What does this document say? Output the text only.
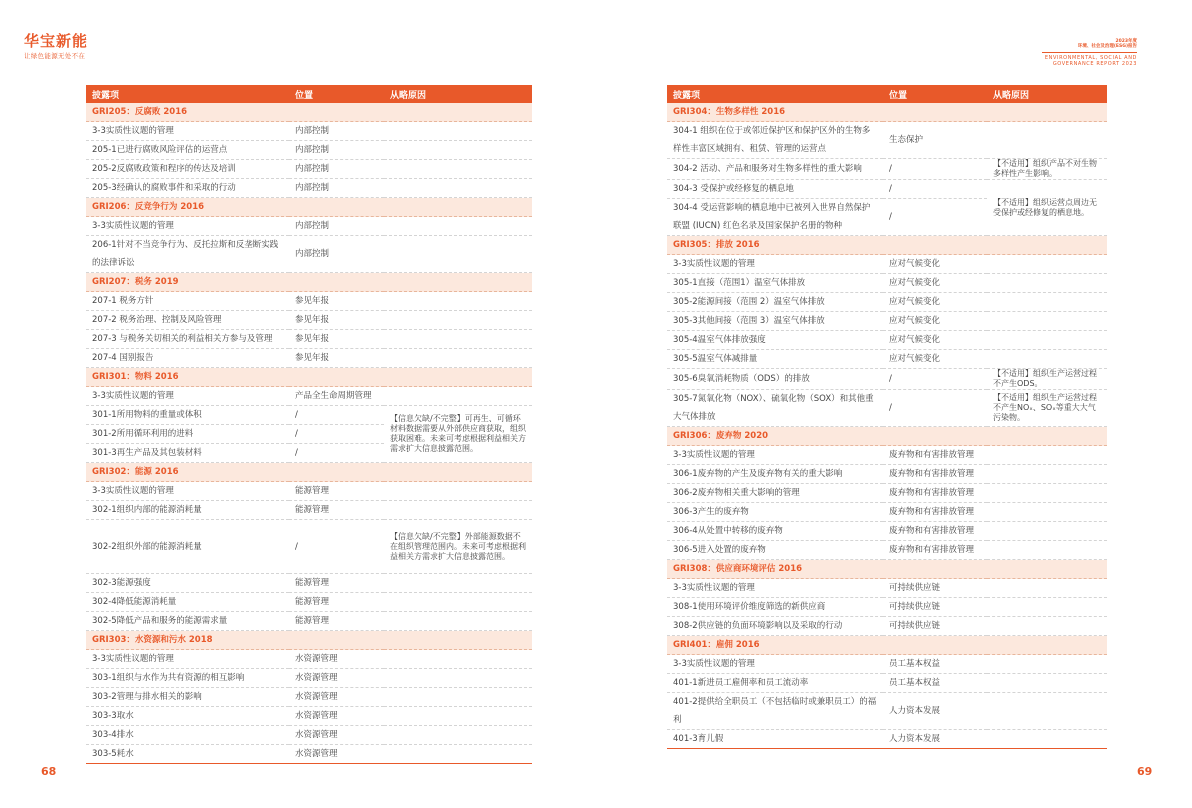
华宝新能
让绿色能源无处不在
2023年度
环境、社会及治理(ESG)报告
ENVIRONMENTAL, SOCIAL AND
GOVERNANCE REPORT 2023
披露项	位置	从略原因
GRI205：反腐败 2016		
3-3实质性议题的管理	内部控制	
205-1已进行腐败风险评估的运营点	内部控制	
205-2反腐败政策和程序的传达及培训	内部控制	
205-3经确认的腐败事件和采取的行动	内部控制	
GRI206：反竞争行为 2016		
3-3实质性议题的管理	内部控制	
206-1针对不当竞争行为、反托拉斯和反垄断实践的法律诉讼	内部控制	
GRI207：税务 2019		
207-1 税务方针	参见年报	
207-2 税务治理、控制及风险管理	参见年报	
207-3 与税务关切相关的利益相关方参与及管理	参见年报	
207-4 国别报告	参见年报	
GRI301：物料 2016		
3-3实质性议题的管理	产品全生命周期管理	
301-1所用物料的重量或体积	/	【信息欠缺/不完整】可再生、可循环材料数据需要从外部供应商获取，组织获取困难。未来可考虑根据利益相关方需求扩大信息披露范围。
301-2所用循环利用的进料	/	
301-3再生产品及其包装材料	/	
GRI302：能源 2016		
3-3实质性议题的管理	能源管理	
302-1组织内部的能源消耗量	能源管理	
302-2组织外部的能源消耗量	/	【信息欠缺/不完整】外部能源数据不在组织管理范围内。未来可考虑根据利益相关方需求扩大信息披露范围。
302-3能源强度	能源管理	
302-4降低能源消耗量	能源管理	
302-5降低产品和服务的能源需求量	能源管理	
GRI303：水资源和污水 2018		
3-3实质性议题的管理	水资源管理	
303-1组织与水作为共有资源的相互影响	水资源管理	
303-2管理与排水相关的影响	水资源管理	
303-3取水	水资源管理	
303-4排水	水资源管理	
303-5耗水	水资源管理	
披露项	位置	从略原因
GRI304：生物多样性 2016		
304-1 组织在位于或邻近保护区和保护区外的生物多样性丰富区域拥有、租赁、管理的运营点	生态保护	
304-2 活动、产品和服务对生物多样性的重大影响	/	【不适用】组织产品不对生物多样性产生影响。
304-3 受保护或经修复的栖息地	/	【不适用】组织运营点周边无受保护或经修复的栖息地。
304-4 受运营影响的栖息地中已被列入世界自然保护联盟 (IUCN) 红色名录及国家保护名册的物种	/	
GRI305：排放 2016		
3-3实质性议题的管理	应对气候变化	
305-1直接（范围1）温室气体排放	应对气候变化	
305-2能源间接（范围 2）温室气体排放	应对气候变化	
305-3其他间接（范围 3）温室气体排放	应对气候变化	
305-4温室气体排放强度	应对气候变化	
305-5温室气体减排量	应对气候变化	
305-6臭氧消耗物质（ODS）的排放	/	【不适用】组织生产运营过程不产生ODS。
305-7氮氧化物（NOX）、硫氧化物（SOX）和其他重大气体排放	/	【不适用】组织生产运营过程不产生NOₓ、SOₓ等重大大气污染物。
GRI306：废弃物 2020		
3-3实质性议题的管理	废弃物和有害排放管理	
306-1废弃物的产生及废弃物有关的重大影响	废弃物和有害排放管理	
306-2废弃物相关重大影响的管理	废弃物和有害排放管理	
306-3产生的废弃物	废弃物和有害排放管理	
306-4从处置中转移的废弃物	废弃物和有害排放管理	
306-5进入处置的废弃物	废弃物和有害排放管理	
GRI308：供应商环境评估 2016		
3-3实质性议题的管理	可持续供应链	
308-1使用环境评价维度筛选的新供应商	可持续供应链	
308-2供应链的负面环境影响以及采取的行动	可持续供应链	
GRI401：雇佣 2016		
3-3实质性议题的管理	员工基本权益	
401-1新进员工雇佣率和员工流动率	员工基本权益	
401-2提供给全职员工（不包括临时或兼职员工）的福利	人力资本发展	
401-3育儿假	人力资本发展	
68	69
